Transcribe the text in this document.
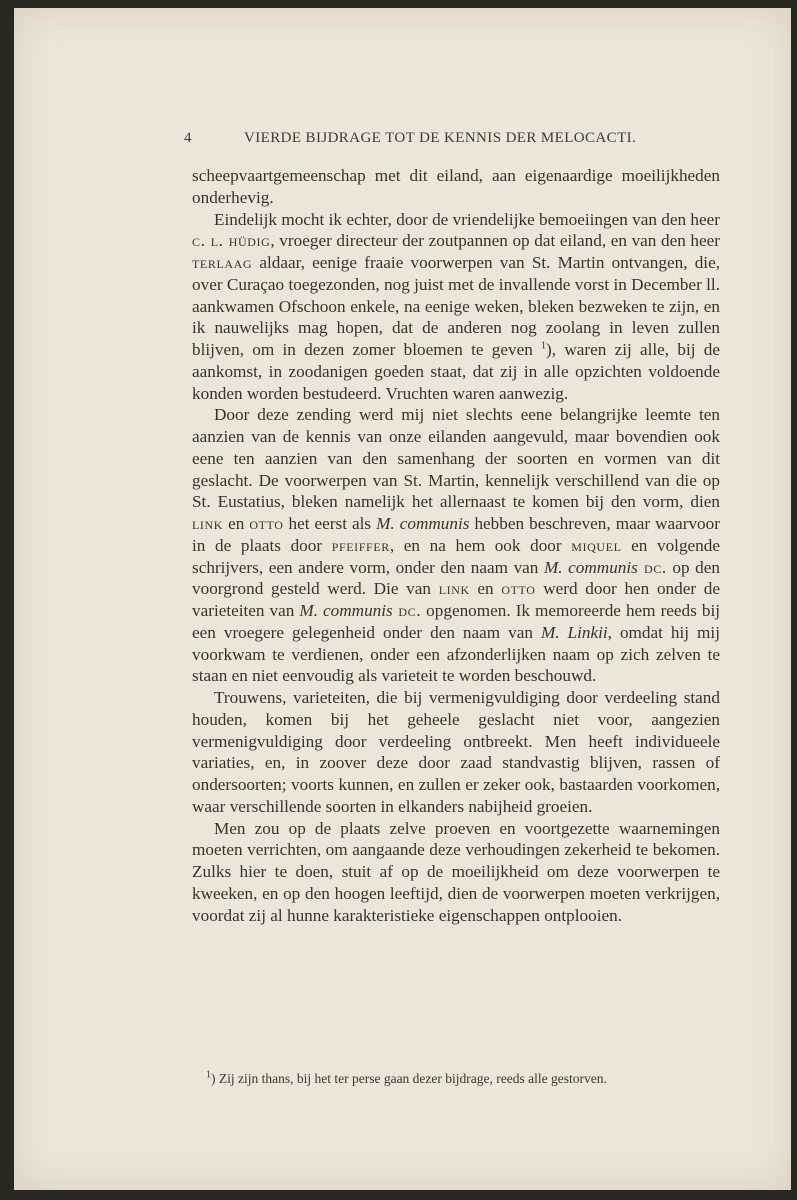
4	VIERDE BIJDRAGE TOT DE KENNIS DER MELOCACTI.

scheepvaartgemeenschap met dit eiland, aan eigenaardige moeilijkheden onderhevig.

Eindelijk mocht ik echter, door de vriendelijke bemoeiingen van den heer c. l. hüdig, vroeger directeur der zoutpannen op dat eiland, en van den heer terlaag aldaar, eenige fraaie voorwerpen van St. Martin ontvangen, die, over Curaçao toegezonden, nog juist met de invallende vorst in December ll. aankwamen Ofschoon enkele, na eenige weken, bleken bezweken te zijn, en ik nauwelijks mag hopen, dat de anderen nog zoolang in leven zullen blijven, om in dezen zomer bloemen te geven $^1$), waren zij alle, bij de aankomst, in zoodanigen goeden staat, dat zij in alle opzichten voldoende konden worden bestudeerd. Vruchten waren aanwezig.

Door deze zending werd mij niet slechts eene belangrijke leemte ten aanzien van de kennis van onze eilanden aangevuld, maar bovendien ook eene ten aanzien van den samenhang der soorten en vormen van dit geslacht. De voorwerpen van St. Martin, kennelijk verschillend van die op St. Eustatius, bleken namelijk het allernaast te komen bij den vorm, dien link en otto het eerst als M. communis hebben beschreven, maar waarvoor in de plaats door pfeiffer, en na hem ook door miquel en volgende schrijvers, een andere vorm, onder den naam van M. communis dc. op den voorgrond gesteld werd. Die van link en otto werd door hen onder de varieteiten van M. communis dc. opgenomen. Ik memoreerde hem reeds bij een vroegere gelegenheid onder den naam van M. Linkii, omdat hij mij voorkwam te verdienen, onder een afzonderlijken naam op zich zelven te staan en niet eenvoudig als varieteit te worden beschouwd.

Trouwens, varieteiten, die bij vermenigvuldiging door verdeeling stand houden, komen bij het geheele geslacht niet voor, aangezien vermenigvuldiging door verdeeling ontbreekt. Men heeft individueele variaties, en, in zoover deze door zaad standvastig blijven, rassen of ondersoorten; voorts kunnen, en zullen er zeker ook, bastaarden voorkomen, waar verschillende soorten in elkanders nabijheid groeien.

Men zou op de plaats zelve proeven en voortgezette waarnemingen moeten verrichten, om aangaande deze verhoudingen zekerheid te bekomen. Zulks hier te doen, stuit af op de moeilijkheid om deze voorwerpen te kweeken, en op den hoogen leeftijd, dien de voorwerpen moeten verkrijgen, voordat zij al hunne karakteristieke eigenschappen ontplooien.

$^1$) Zij zijn thans, bij het ter perse gaan dezer bijdrage, reeds alle gestorven.
